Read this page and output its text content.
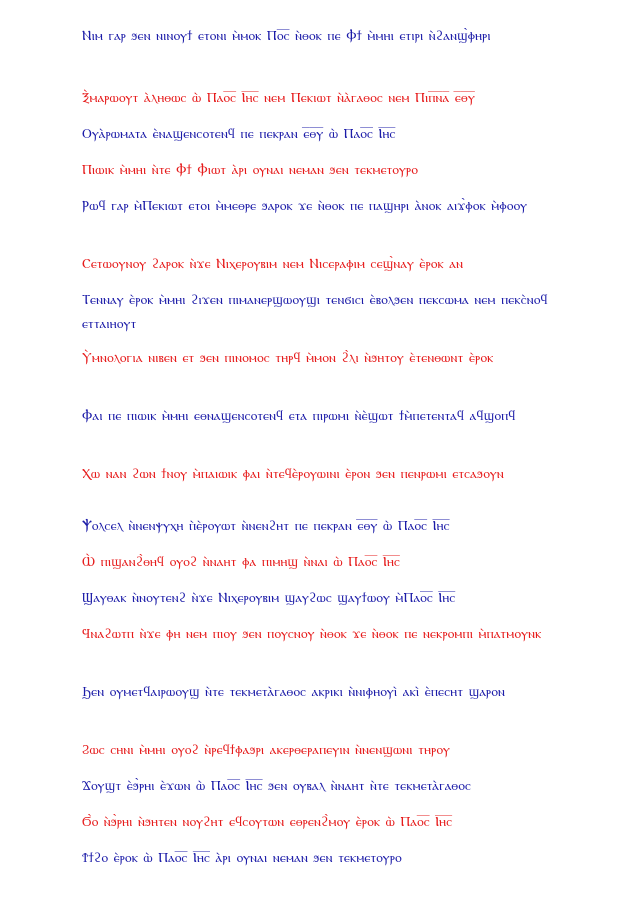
Ⲛⲓⲙ ⲅⲁⲣ ϧⲉⲛ ⲛⲓⲛⲟⲩϯ ⲉⲧⲟⲛⲓ ⲙ̀ⲙⲟⲕ Ⲡⲟ̅ⲥ̅ ⲛ̀ⲑⲟⲕ ⲡⲉ Ⲫϯ ⲙ̀ⲙⲏⲓ ⲉⲧⲓⲣⲓ ⲛ̀ϩⲁⲛϣ̀ⲫⲏⲣⲓ

Ⲝ̀ⲙⲁⲣⲱⲟⲩⲧ ⲁ̀ⲗⲏⲑⲱⲥ ⲱ̀ Ⲡⲁⲟ̅ⲥ̅ Ⲓ̅ⲏ̅ⲥ̅ ⲛⲉⲙ Ⲡⲉⲕⲓⲱⲧ ⲛ̀ⲁ̀ⲅⲁⲑⲟⲥ ⲛⲉⲙ Ⲡⲓⲡ̅ⲛ̅ⲁ̅ ⲉ̅ⲑ̅ⲩ̅

Ⲟⲩⲁ̀ⲣⲱⲙⲁⲧⲁ ⲉ̀ⲛⲁϣⲉⲛⲥⲟⲧⲉⲛϥ ⲡⲉ ⲡⲉⲕⲣⲁⲛ ⲉ̅ⲑ̅ⲩ̅ ⲱ̀ Ⲡⲁⲟ̅ⲥ̅ Ⲓ̅ⲏ̅ⲥ̅

Ⲡⲓⲱⲓⲕ ⲙ̀ⲙⲏⲓ ⲛ̀ⲧⲉ Ⲫϯ Ⲫⲓⲱⲧ ⲁ̀ⲣⲓ ⲟⲩⲛⲁⲓ ⲛⲉⲙⲁⲛ ϧⲉⲛ ⲧⲉⲕⲙⲉⲧⲟⲩⲣⲟ

Ⲣⲱϥ ⲅⲁⲣ ⲙ̀Ⲡⲉⲕⲓⲱⲧ ⲉⲧⲟⲓ ⲙ̀ⲙⲉⲑⲣⲉ ϧⲁⲣⲟⲕ ϫⲉ ⲛ̀ⲑⲟⲕ ⲡⲉ ⲡⲁϣⲏⲣⲓ ⲁ̀ⲛⲟⲕ ⲁⲓϫ̀ⲫⲟⲕ ⲙ̀ⲫⲟⲟⲩ

Ⲥⲉⲧⲱⲟⲩⲛⲟⲩ ϩⲁⲣⲟⲕ ⲛ̀ϫⲉ Ⲛⲓⲭⲉⲣⲟⲩⲃⲓⲙ ⲛⲉⲙ Ⲛⲓⲥⲉⲣⲁⲫⲓⲙ ⲥⲉϣ̀ⲛⲁⲩ ⲉ̀ⲣⲟⲕ ⲁⲛ

Ⲧⲉⲛⲛⲁⲩ ⲉ̀ⲣⲟⲕ ⲙ̀ⲙⲏⲓ ϩⲓϫⲉⲛ ⲡⲓⲙⲁⲛⲉⲣϣⲱⲟⲩϣⲓ ⲧⲉⲛϭⲓⲥⲓ ⲉ̀ⲃⲟⲗϧⲉⲛ ⲡⲉⲕⲥⲱⲙⲁ ⲛⲉⲙ ⲡⲉⲕⲥ̀ⲛⲟϥ ⲉⲧⲧⲁⲓⲏⲟⲩⲧ

Ⲩ̀ⲙⲛⲟⲗⲟⲅⲓⲁ ⲛⲓⲃⲉⲛ ⲉⲧ ϧⲉⲛ ⲡⲓⲛⲟⲙⲟⲥ ⲧⲏⲣϥ ⲙ̀ⲙⲟⲛ ϩ̀ⲗⲓ ⲛ̀ϧⲏⲧⲟⲩ ⲉ̀ⲧⲉⲛⲑⲱⲛⲧ ⲉ̀ⲣⲟⲕ

Ⲫⲁⲓ ⲡⲉ ⲡⲓⲱⲓⲕ ⲙ̀ⲙⲏⲓ ⲉⲑⲛⲁϣⲉⲛⲥⲟⲧⲉⲛϥ ⲉⲧⲁ ⲡⲓⲣⲱⲙⲓ ⲛ̀ⲉ̀ϣⲱⲧ ϯⲙ̀ⲡⲉⲧⲉⲛⲧⲁϥ ⲁϥϣⲟⲡϥ

Ⲭⲱ ⲛⲁⲛ ϩⲱⲛ ϯⲛⲟⲩ ⲙ̀ⲡⲁⲓⲱⲓⲕ ⲫⲁⲓ ⲛ̀ⲧⲉϥⲉ̀ⲣⲟⲩⲱⲓⲛⲓ ⲉ̀ⲣⲟⲛ ϧⲉⲛ ⲡⲉⲛⲣⲱⲙⲓ ⲉⲧⲥⲁϧⲟⲩⲛ

Ⲯⲟⲗⲥⲉⲗ ⲛ̀ⲛⲉⲛⲯⲩⲭⲏ ⲡ̀ⲉ̀ⲣⲟⲩⲱⲧ ⲛ̀ⲛⲉⲛϩⲏⲧ ⲡⲉ ⲡⲉⲕⲣⲁⲛ ⲉ̅ⲑ̅ⲩ̅ ⲱ̀ Ⲡⲁⲟ̅ⲥ̅ Ⲓ̅ⲏ̅ⲥ̅

Ⲱ̀ ⲡⲓϣⲁⲛϩ̀ⲑⲏϥ ⲟⲩⲟϩ ⲛ̀ⲛⲁⲏⲧ ⲫⲁ ⲡⲓⲙⲏϣ ⲛ̀ⲛⲁⲓ ⲱ̀ Ⲡⲁⲟ̅ⲥ̅ Ⲓ̅ⲏ̅ⲥ̅

Ϣⲁⲩⲑⲁⲕ ⲛ̀ⲛⲟⲩⲧⲉⲛϩ ⲛ̀ϫⲉ Ⲛⲓⲭⲉⲣⲟⲩⲃⲓⲙ ϣⲁⲩϩⲱⲥ ϣⲁⲩϯⲱⲟⲩ ⲙ̀Ⲡⲁⲟ̅ⲥ̅ Ⲓ̅ⲏ̅ⲥ̅

Ϥⲛⲁϩⲱⲧⲡ ⲛ̀ϫⲉ ⲫⲏ ⲛⲉⲙ ⲡⲓⲟⲩ ϧⲉⲛ ⲡⲟⲩⲥⲛⲟⲩ ⲛ̀ⲑⲟⲕ ϫⲉ ⲛ̀ⲑⲟⲕ ⲡⲉ ⲛⲉⲕⲣⲟⲙⲡⲓ ⲙ̀ⲡⲁⲧⲙⲟⲩⲛⲕ

Ϧⲉⲛ ⲟⲩⲙⲉⲧϥⲁⲓⲣⲱⲟⲩϣ ⲛ̀ⲧⲉ ⲧⲉⲕⲙⲉⲧⲁ̀ⲅⲁⲑⲟⲥ ⲁⲕⲣⲓⲕⲓ ⲛ̀ⲛⲓⲫⲏⲟⲩⲓ̀ ⲁⲕⲓ̀ ⲉ̀ⲡⲉⲥⲏⲧ ϣⲁⲣⲟⲛ

Ϩⲱⲥ ⲥⲏⲛⲓ ⲙ̀ⲙⲏⲓ ⲟⲩⲟϩ ⲛ̀ⲣⲉϥϯⲫⲁϧⲣⲓ ⲁⲕⲉⲣⲑⲉⲣⲁⲡⲉⲩⲓⲛ ⲛ̀ⲛⲉⲛϣⲱⲛⲓ ⲧⲏⲣⲟⲩ

Ϫⲟⲩϣⲧ ⲉ̀ϧ̀ⲣⲏⲓ ⲉ̀ϫⲱⲛ ⲱ̀ Ⲡⲁⲟ̅ⲥ̅ Ⲓ̅ⲏ̅ⲥ̅ ϧⲉⲛ ⲟⲩⲃⲁⲗ ⲛ̀ⲛⲁⲏⲧ ⲛ̀ⲧⲉ ⲧⲉⲕⲙⲉⲧⲁ̀ⲅⲁⲑⲟⲥ

Ϭ̀ⲟ ⲛ̀ϧ̀ⲣⲏⲓ ⲛ̀ϧⲏⲧⲉⲛ ⲛⲟⲩϩⲏⲧ ⲉϥⲥⲟⲩⲧⲱⲛ ⲉⲑⲣⲉⲛϩ̀ⲙⲟⲩ ⲉ̀ⲣⲟⲕ ⲱ̀ Ⲡⲁⲟ̅ⲥ̅ Ⲓ̅ⲏ̅ⲥ̅

Ϯϯϩⲟ ⲉ̀ⲣⲟⲕ ⲱ̀ Ⲡⲁⲟ̅ⲥ̅ Ⲓ̅ⲏ̅ⲥ̅ ⲁ̀ⲣⲓ ⲟⲩⲛⲁⲓ ⲛⲉⲙⲁⲛ ϧⲉⲛ ⲧⲉⲕⲙⲉⲧⲟⲩⲣⲟ
